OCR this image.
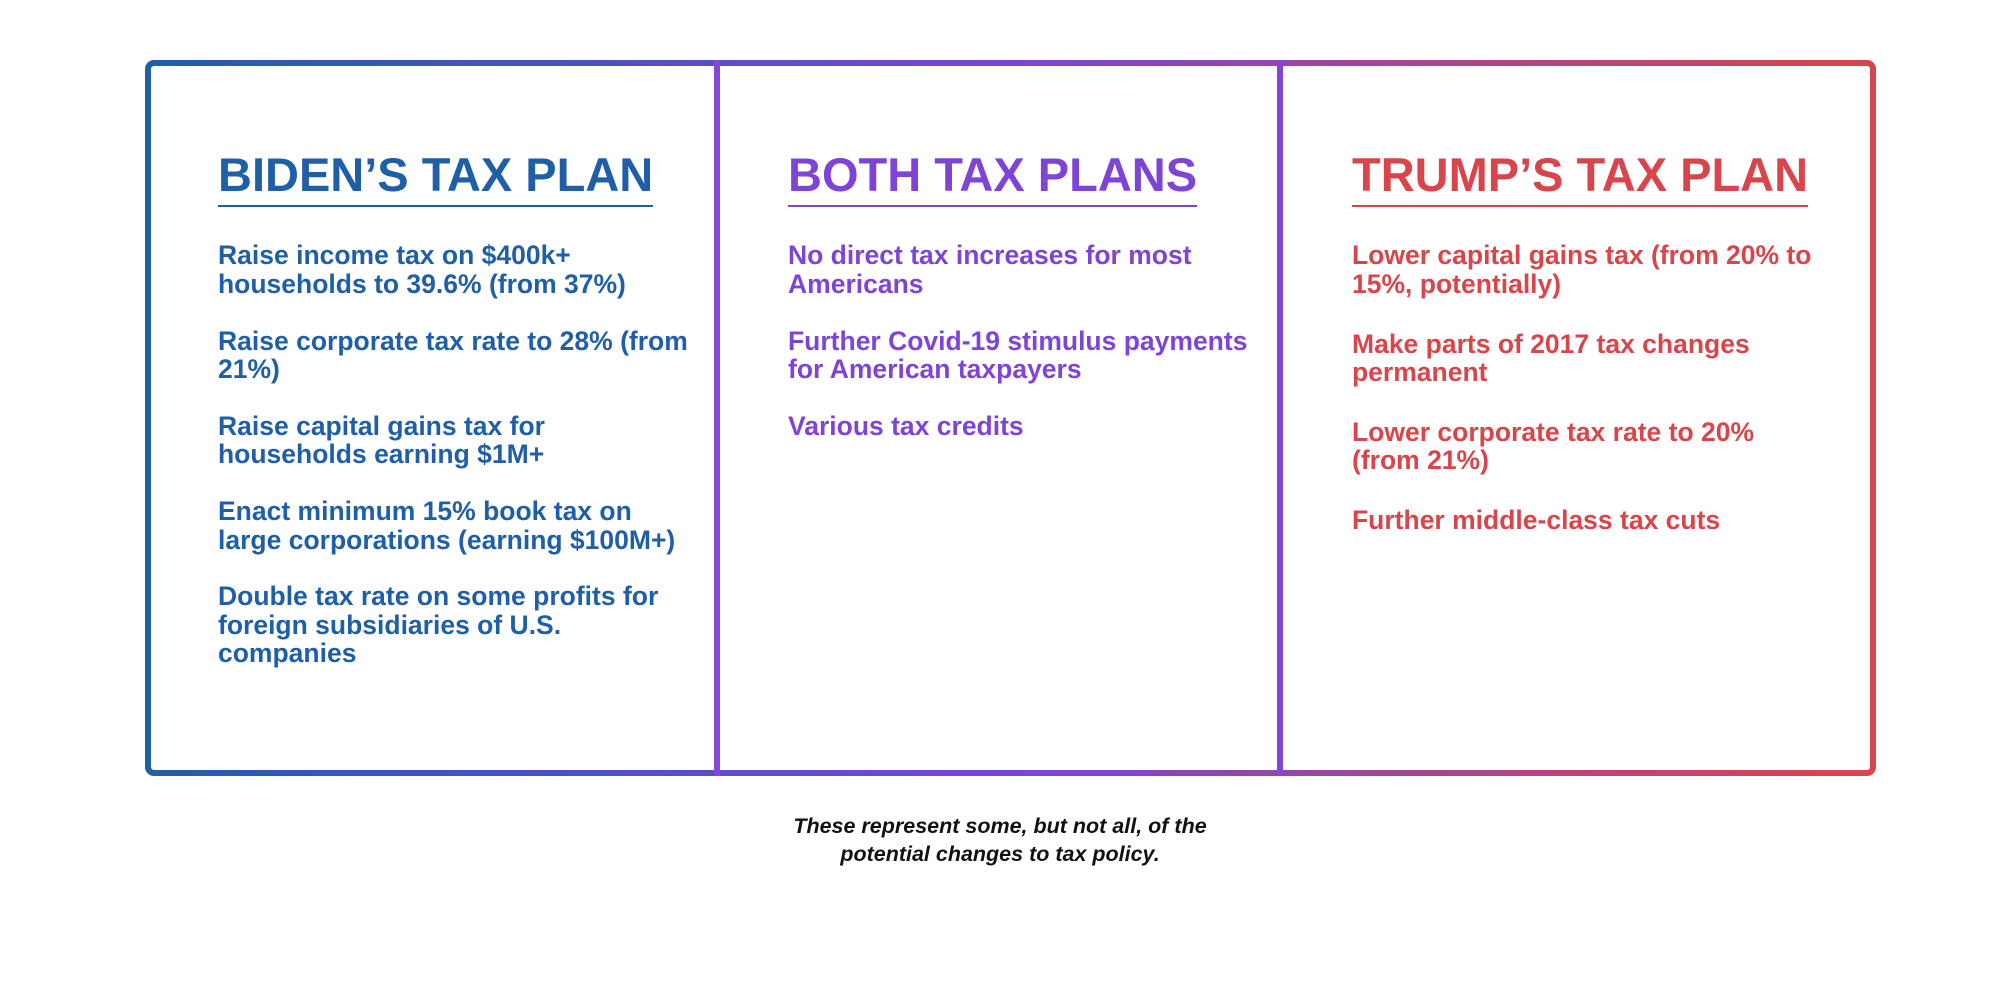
BIDEN’S TAX PLAN

Raise income tax on $400k+ households to 39.6% (from 37%)

Raise corporate tax rate to 28% (from 21%)

Raise capital gains tax for households earning $1M+

Enact minimum 15% book tax on large corporations (earning $100M+)

Double tax rate on some profits for foreign subsidiaries of U.S. companies

BOTH TAX PLANS

No direct tax increases for most Americans

Further Covid-19 stimulus payments for American taxpayers

Various tax credits

TRUMP’S TAX PLAN

Lower capital gains tax (from 20% to 15%, potentially)

Make parts of 2017 tax changes permanent

Lower corporate tax rate to 20% (from 21%)

Further middle-class tax cuts

These represent some, but not all, of the
potential changes to tax policy.
